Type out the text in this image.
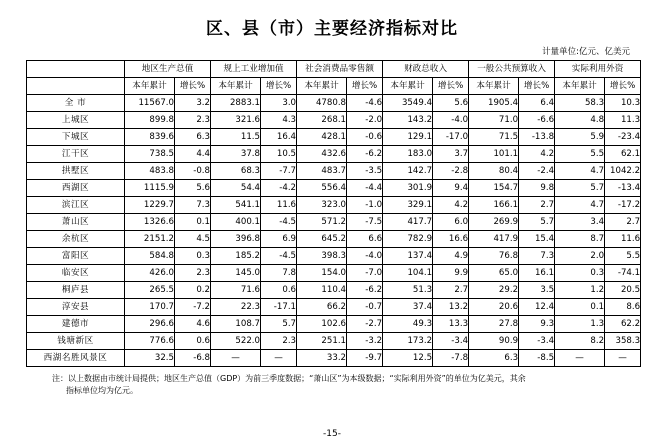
区、县（市）主要经济指标对比
计量单位:亿元、亿美元
	地区生产总值		规上工业增加值		社会消费品零售额		财政总收入		一般公共预算收入		实际利用外资	
	本年累计	增长%	本年累计	增长%	本年累计	增长%	本年累计	增长%	本年累计	增长%	本年累计	增长%
全 市	11567.0	3.2	2883.1	3.0	4780.8	-4.6	3549.4	5.6	1905.4	6.4	58.3	10.3
上城区	899.8	2.3	321.6	4.3	268.1	-2.0	143.2	-4.0	71.0	-6.6	4.8	11.3
下城区	839.6	6.3	11.5	16.4	428.1	-0.6	129.1	-17.0	71.5	-13.8	5.9	-23.4
江干区	738.5	4.4	37.8	10.5	432.6	-6.2	183.0	3.7	101.1	4.2	5.5	62.1
拱墅区	483.8	-0.8	68.3	-7.7	483.7	-3.5	142.7	-2.8	80.4	-2.4	4.7	1042.2
西湖区	1115.9	5.6	54.4	-4.2	556.4	-4.4	301.9	9.4	154.7	9.8	5.7	-13.4
滨江区	1229.7	7.3	541.1	11.6	323.0	-1.0	329.1	4.2	166.1	2.7	4.7	-17.2
萧山区	1326.6	0.1	400.1	-4.5	571.2	-7.5	417.7	6.0	269.9	5.7	3.4	2.7
余杭区	2151.2	4.5	396.8	6.9	645.2	6.6	782.9	16.6	417.9	15.4	8.7	11.6
富阳区	584.8	0.3	185.2	-4.5	398.3	-4.0	137.4	4.9	76.8	7.3	2.0	5.5
临安区	426.0	2.3	145.0	7.8	154.0	-7.0	104.1	9.9	65.0	16.1	0.3	-74.1
桐庐县	265.5	0.2	71.6	0.6	110.4	-6.2	51.3	2.7	29.2	3.5	1.2	20.5
淳安县	170.7	-7.2	22.3	-17.1	66.2	-0.7	37.4	13.2	20.6	12.4	0.1	8.6
建德市	296.6	4.6	108.7	5.7	102.6	-2.7	49.3	13.3	27.8	9.3	1.3	62.2
钱塘新区	776.6	0.6	522.0	2.3	251.1	-3.2	173.2	-3.4	90.9	-3.4	8.2	358.3
西湖名胜风景区	32.5	-6.8	—	—	33.2	-9.7	12.5	-7.8	6.3	-8.5	—	—
注：以上数据由市统计局提供；地区生产总值（GDP）为前三季度数据；“萧山区”为本级数据；“实际利用外资”的单位为亿美元，其余
指标单位均为亿元。
-15-
